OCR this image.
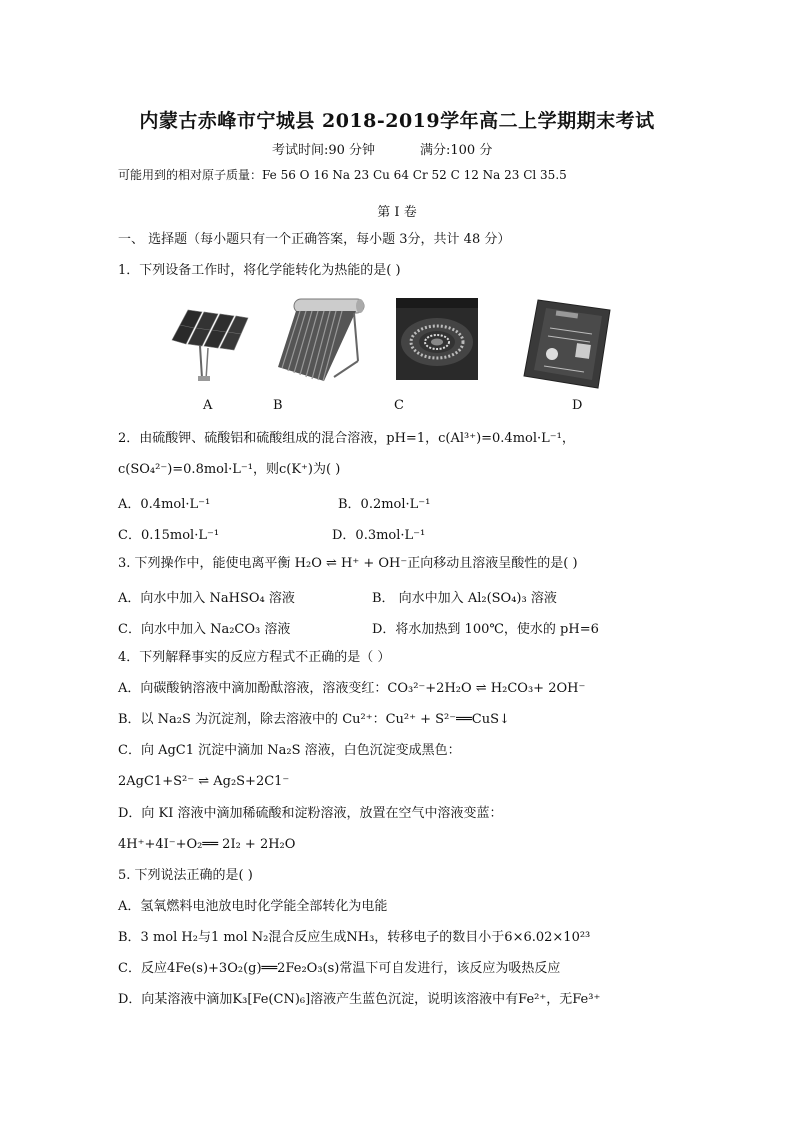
内蒙古赤峰市宁城县 2018-2019学年高二上学期期末考试
考试时间:90 分钟	满分:100 分
可能用到的相对原子质量：Fe 56 O 16 Na 23 Cu 64 Cr 52 C 12 Na 23 Cl 35.5
第 I 卷
一、 选择题（每小题只有一个正确答案，每小题 3分，共计 48 分）
1．下列设备工作时，将化学能转化为热能的是( )
A	B	C	D
2．由硫酸钾、硫酸铝和硫酸组成的混合溶液，pH=1，c(Al³⁺)=0.4mol·L⁻¹，
c(SO₄²⁻)=0.8mol·L⁻¹，则c(K⁺)为( )
A．0.4mol·L⁻¹	B．0.2mol·L⁻¹
C．0.15mol·L⁻¹	D．0.3mol·L⁻¹
3. 下列操作中，能使电离平衡 H₂O ⇌ H⁺ + OH⁻正向移动且溶液呈酸性的是( )
A．向水中加入 NaHSO₄ 溶液	B． 向水中加入 Al₂(SO₄)₃ 溶液
C．向水中加入 Na₂CO₃ 溶液	D．将水加热到 100℃，使水的 pH=6
4．下列解释事实的反应方程式不正确的是（ ）
A．向碳酸钠溶液中滴加酚酞溶液，溶液变红：CO₃²⁻+2H₂O ⇌ H₂CO₃+ 2OH⁻
B．以 Na₂S 为沉淀剂，除去溶液中的 Cu²⁺：Cu²⁺ + S²⁻══CuS↓
C．向 AgC1 沉淀中滴加 Na₂S 溶液，白色沉淀变成黑色：
2AgC1+S²⁻ ⇌ Ag₂S+2C1⁻
D．向 KI 溶液中滴加稀硫酸和淀粉溶液，放置在空气中溶液变蓝：
4H⁺+4I⁻+O₂══ 2I₂ + 2H₂O
5. 下列说法正确的是( )
A．氢氧燃料电池放电时化学能全部转化为电能
B．3 mol H₂与1 mol N₂混合反应生成NH₃，转移电子的数目小于6×6.02×10²³
C．反应4Fe(s)+3O₂(g)══2Fe₂O₃(s)常温下可自发进行，该反应为吸热反应
D．向某溶液中滴加K₃[Fe(CN)₆]溶液产生蓝色沉淀，说明该溶液中有Fe²⁺，无Fe³⁺
